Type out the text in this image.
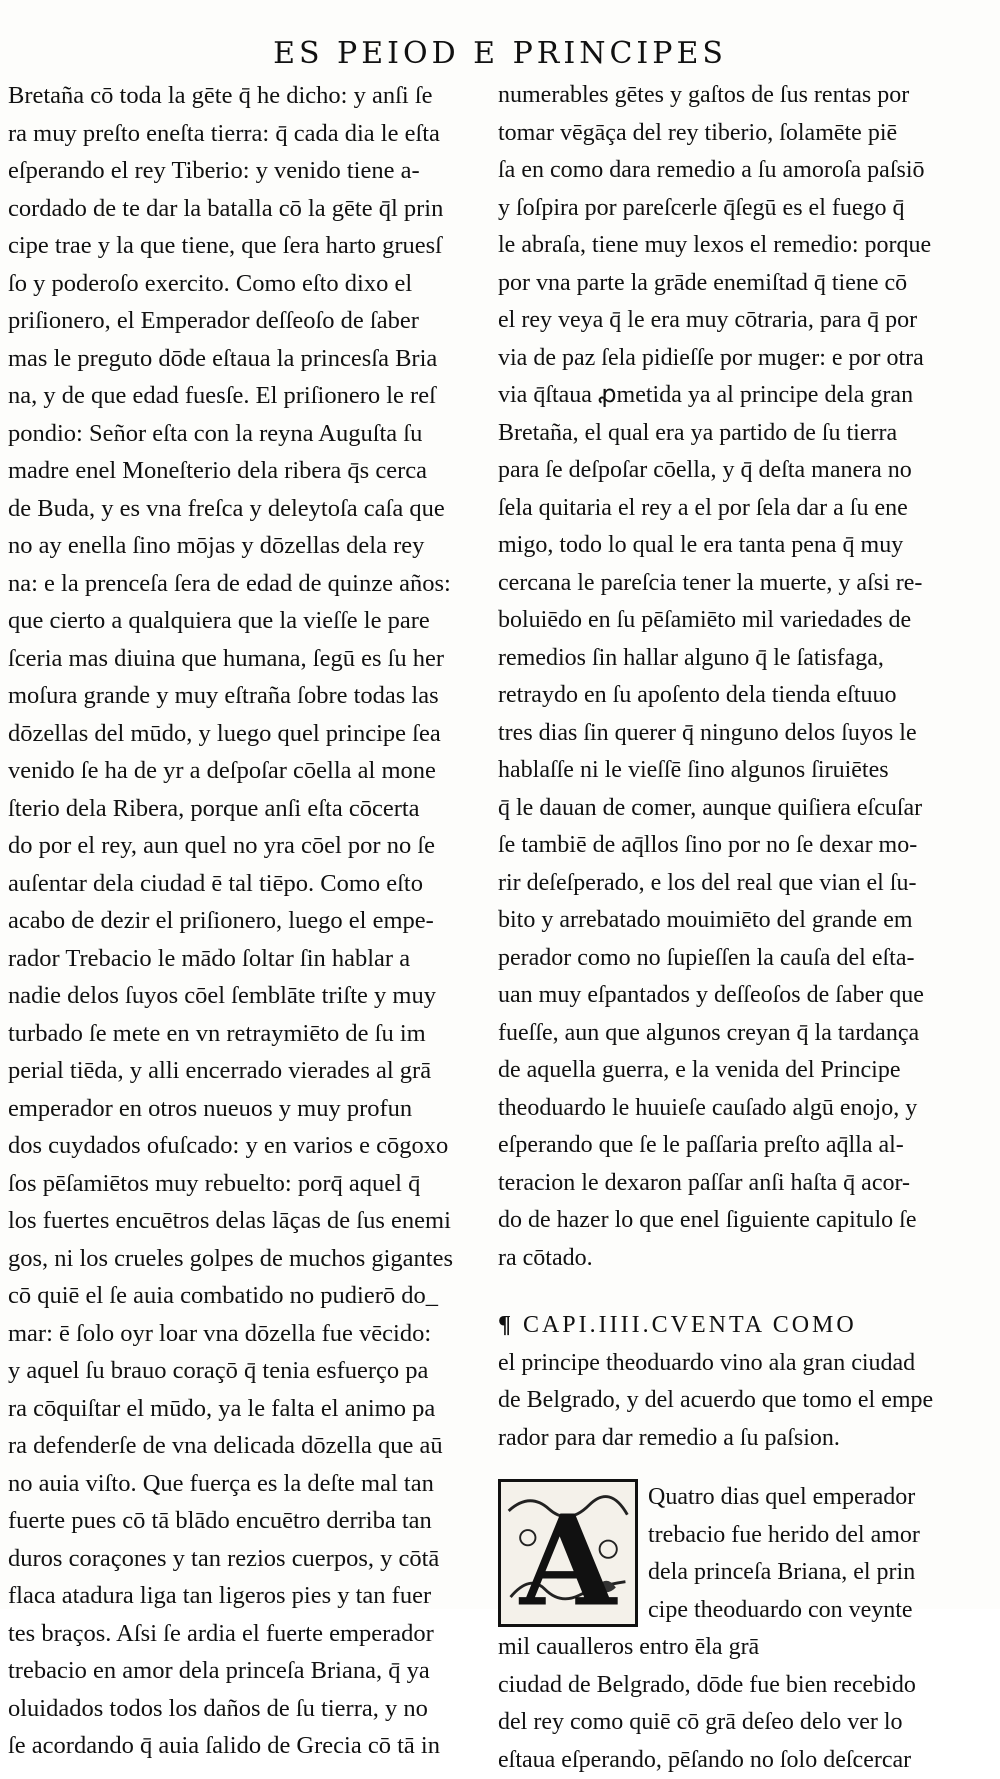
ES PEIOD E PRINCIPES
Bretaña cō toda la gēte q̄ he dicho: y anſi ſe
ra muy preſto eneſta tierra: q̄ cada dia le eſta
eſperando el rey Tiberio: y venido tiene a-
cordado de te dar la batalla cō la gēte q̄l prin
cipe trae y la que tiene, que ſera harto gruesſ
ſo y poderoſo exercito. Como eſto dixo el
priſionero, el Emperador deſſeoſo de ſaber
mas le preguto dōde eſtaua la princesſa Bria
na, y de que edad fuesſe. El priſionero le reſ
pondio: Señor eſta con la reyna Auguſta ſu
madre enel Moneſterio dela ribera q̄s cerca
de Buda, y es vna freſca y deleytoſa caſa que
no ay enella ſino mōjas y dōzellas dela rey
na: e la prenceſa ſera de edad de quinze años:
que cierto a qualquiera que la vieſſe le pare
ſceria mas diuina que humana, ſegū es ſu her
moſura grande y muy eſtraña ſobre todas las
dōzellas del mūdo, y luego quel principe ſea
venido ſe ha de yr a deſpoſar cōella al mone
ſterio dela Ribera, porque anſi eſta cōcerta
do por el rey, aun quel no yra cōel por no ſe
auſentar dela ciudad ē tal tiēpo. Como eſto
acabo de dezir el priſionero, luego el empe-
rador Trebacio le mādo ſoltar ſin hablar a
nadie delos ſuyos cōel ſemblāte triſte y muy
turbado ſe mete en vn retraymiēto de ſu im
perial tiēda, y alli encerrado vierades al grā
emperador en otros nueuos y muy profun
dos cuydados ofuſcado: y en varios e cōgoxo
ſos pēſamiētos muy rebuelto: porq̄ aquel q̄
los fuertes encuētros delas lāças de ſus enemi
gos, ni los crueles golpes de muchos gigantes
cō quiē el ſe auia combatido no pudierō do_
mar: ē ſolo oyr loar vna dōzella fue vēcido:
y aquel ſu brauo coraçō q̄ tenia esfuerço pa
ra cōquiſtar el mūdo, ya le falta el animo pa
ra defenderſe de vna delicada dōzella que aū
no auia viſto. Que fuerça es la deſte mal tan
fuerte pues cō tā blādo encuētro derriba tan
duros coraçones y tan rezios cuerpos, y cōtā
flaca atadura liga tan ligeros pies y tan fuer
tes braços. Aſsi ſe ardia el fuerte emperador
trebacio en amor dela princeſa Briana, q̄ ya
oluidados todos los daños de ſu tierra, y no
ſe acordando q̄ auia ſalido de Grecia cō tā in
numerables gētes y gaſtos de ſus rentas por
tomar vēgāça del rey tiberio, ſolamēte piē
ſa en como dara remedio a ſu amoroſa paſsiō
y ſoſpira por pareſcerle q̄ſegū es el fuego q̄
le abraſa, tiene muy lexos el remedio: porque
por vna parte la grāde enemiſtad q̄ tiene cō
el rey veya q̄ le era muy cōtraria, para q̄ por
via de paz ſela pidieſſe por muger: e por otra
via q̄ſtaua ꝓmetida ya al principe dela gran
Bretaña, el qual era ya partido de ſu tierra
para ſe deſpoſar cōella, y q̄ deſta manera no
ſela quitaria el rey a el por ſela dar a ſu ene
migo, todo lo qual le era tanta pena q̄ muy
cercana le pareſcia tener la muerte, y aſsi re-
boluiēdo en ſu pēſamiēto mil variedades de
remedios ſin hallar alguno q̄ le ſatisfaga,
retraydo en ſu apoſento dela tienda eſtuuo
tres dias ſin querer q̄ ninguno delos ſuyos le
hablaſſe ni le vieſſē ſino algunos ſiruiētes
q̄ le dauan de comer, aunque quiſiera eſcuſar
ſe tambiē de aq̄llos ſino por no ſe dexar mo-
rir deſeſperado, e los del real que vian el ſu-
bito y arrebatado mouimiēto del grande em
perador como no ſupieſſen la cauſa del eſta-
uan muy eſpantados y deſſeoſos de ſaber que
fueſſe, aun que algunos creyan q̄ la tardança
de aquella guerra, e la venida del Principe
theoduardo le huuieſe cauſado algū enojo, y
eſperando que ſe le paſſaria preſto aq̄lla al-
teracion le dexaron paſſar anſi haſta q̄ acor-
do de hazer lo que enel ſiguiente capitulo ſe
ra cōtado.
¶ CAPI.IIII.CVENTA COMO
el principe theoduardo vino ala gran ciudad
de Belgrado, y del acuerdo que tomo el empe
rador para dar remedio a ſu paſsion.
A Quatro dias quel emperador
trebacio fue herido del amor
dela princeſa Briana, el prin
cipe theoduardo con veynte
mil caualleros entro ēla grā
ciudad de Belgrado, dōde fue bien recebido
del rey como quiē cō grā deſeo delo ver lo
eſtaua eſperando, pēſando no ſolo deſcercar
